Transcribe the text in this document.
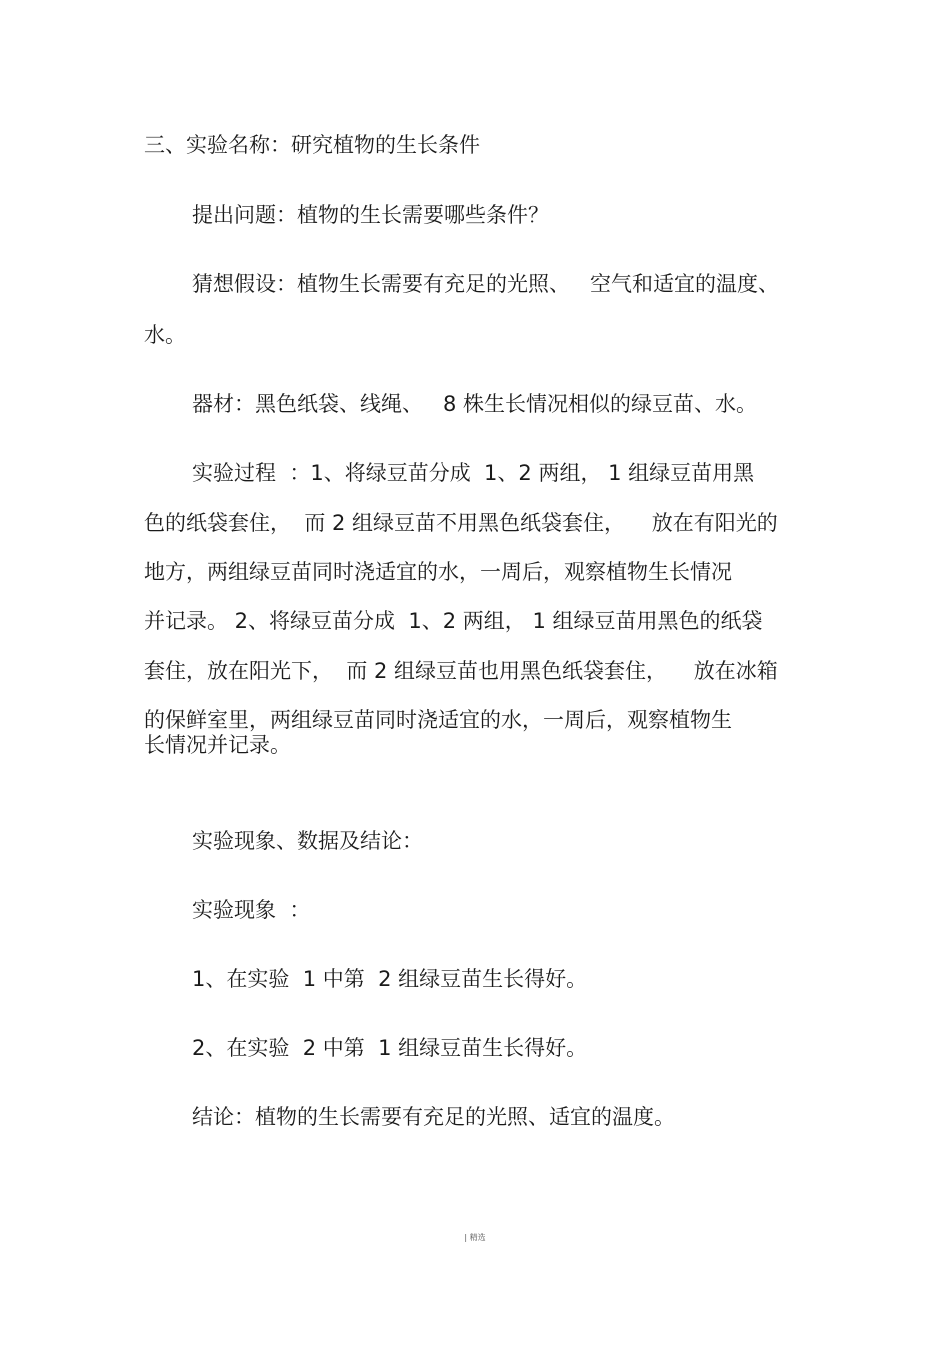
三、实验名称：研究植物的生长条件
提出问题：植物的生长需要哪些条件？
猜想假设：植物生长需要有充足的光照、   空气和适宜的温度、
水。
器材：黑色纸袋、线绳、   8 株生长情况相似的绿豆苗、水。
实验过程  ：1、将绿豆苗分成  1、2 两组， 1 组绿豆苗用黑
色的纸袋套住，  而 2 组绿豆苗不用黑色纸袋套住，    放在有阳光的
地方，两组绿豆苗同时浇适宜的水，一周后，观察植物生长情况
并记录。 2、将绿豆苗分成  1、2 两组， 1 组绿豆苗用黑色的纸袋
套住，放在阳光下，  而 2 组绿豆苗也用黑色纸袋套住，    放在冰箱
的保鲜室里，两组绿豆苗同时浇适宜的水，一周后，观察植物生
长情况并记录。
实验现象、数据及结论：
实验现象  ：
1、在实验  1 中第  2 组绿豆苗生长得好。
2、在实验  2 中第  1 组绿豆苗生长得好。
结论：植物的生长需要有充足的光照、适宜的温度。
| 精选
